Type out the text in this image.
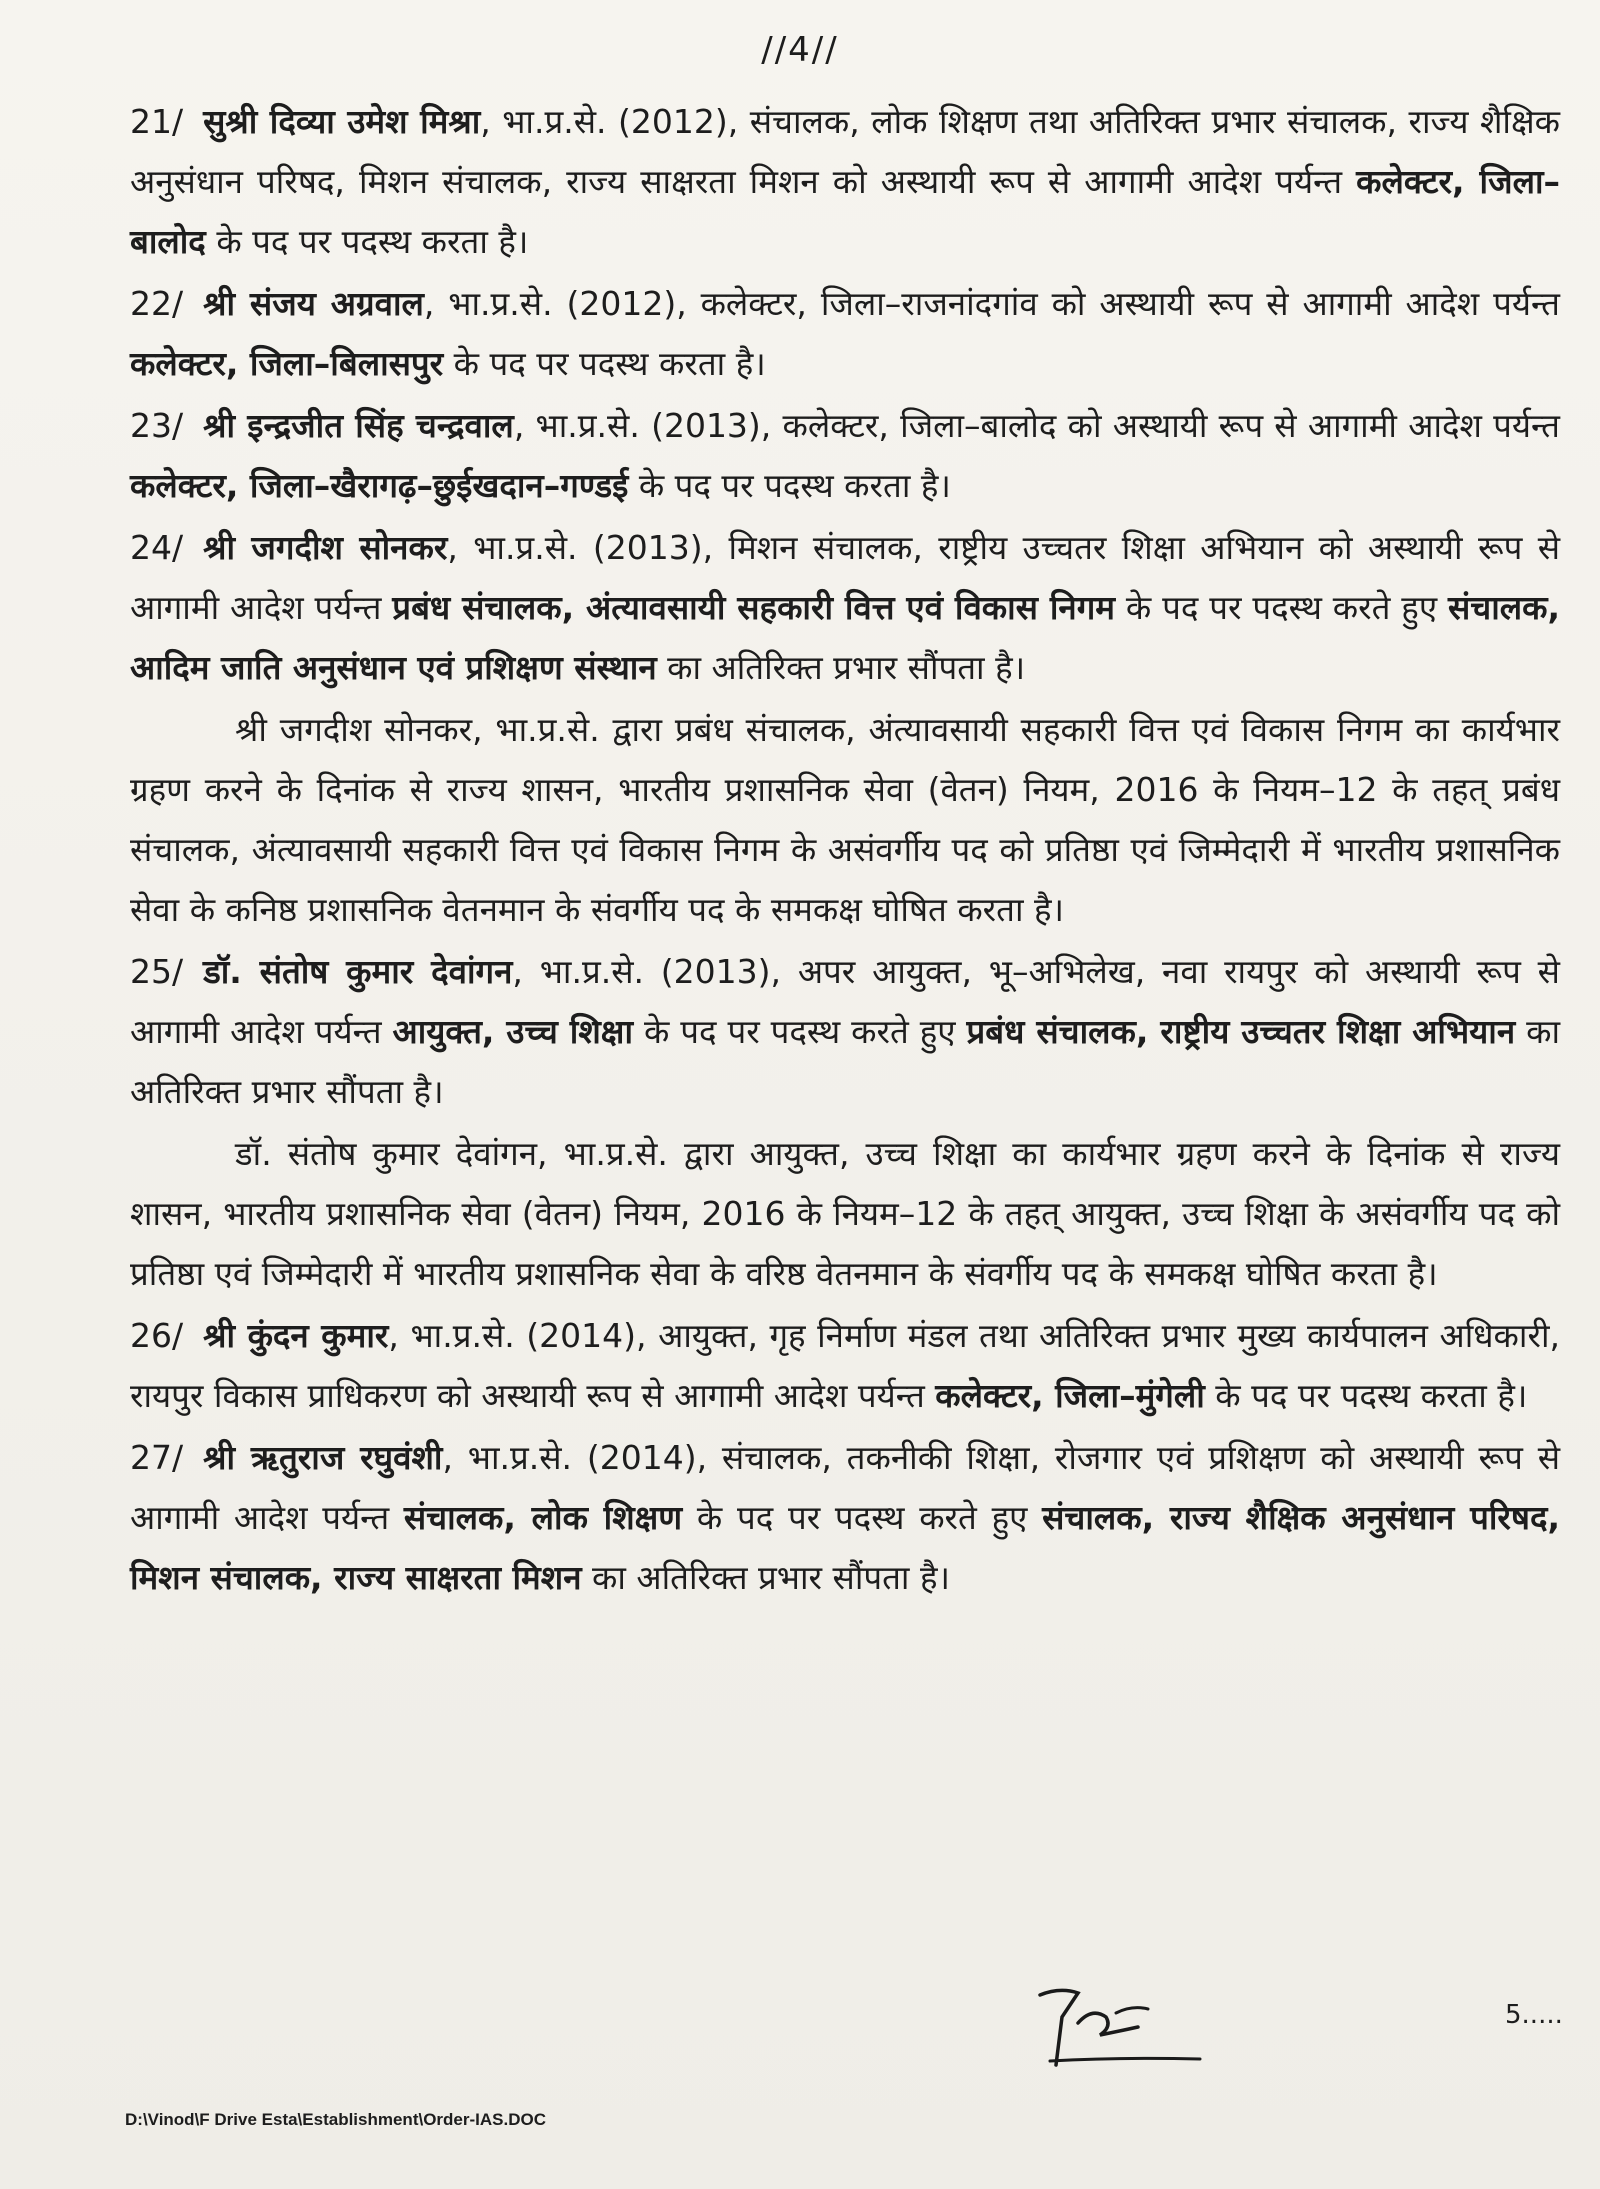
//4//

21/ सुश्री दिव्या उमेश मिश्रा, भा.प्र.से. (2012), संचालक, लोक शिक्षण तथा अतिरिक्त प्रभार संचालक, राज्य शैक्षिक अनुसंधान परिषद, मिशन संचालक, राज्य साक्षरता मिशन को अस्थायी रूप से आगामी आदेश पर्यन्त कलेक्टर, जिला–बालोद के पद पर पदस्थ करता है।

22/ श्री संजय अग्रवाल, भा.प्र.से. (2012), कलेक्टर, जिला–राजनांदगांव को अस्थायी रूप से आगामी आदेश पर्यन्त कलेक्टर, जिला–बिलासपुर के पद पर पदस्थ करता है।

23/ श्री इन्द्रजीत सिंह चन्द्रवाल, भा.प्र.से. (2013), कलेक्टर, जिला–बालोद को अस्थायी रूप से आगामी आदेश पर्यन्त कलेक्टर, जिला–खैरागढ़–छुईखदान–गण्डई के पद पर पदस्थ करता है।

24/ श्री जगदीश सोनकर, भा.प्र.से. (2013), मिशन संचालक, राष्ट्रीय उच्चतर शिक्षा अभियान को अस्थायी रूप से आगामी आदेश पर्यन्त प्रबंध संचालक, अंत्यावसायी सहकारी वित्त एवं विकास निगम के पद पर पदस्थ करते हुए संचालक, आदिम जाति अनुसंधान एवं प्रशिक्षण संस्थान का अतिरिक्त प्रभार सौंपता है।

श्री जगदीश सोनकर, भा.प्र.से. द्वारा प्रबंध संचालक, अंत्यावसायी सहकारी वित्त एवं विकास निगम का कार्यभार ग्रहण करने के दिनांक से राज्य शासन, भारतीय प्रशासनिक सेवा (वेतन) नियम, 2016 के नियम–12 के तहत् प्रबंध संचालक, अंत्यावसायी सहकारी वित्त एवं विकास निगम के असंवर्गीय पद को प्रतिष्ठा एवं जिम्मेदारी में भारतीय प्रशासनिक सेवा के कनिष्ठ प्रशासनिक वेतनमान के संवर्गीय पद के समकक्ष घोषित करता है।

25/ डॉ. संतोष कुमार देवांगन, भा.प्र.से. (2013), अपर आयुक्त, भू–अभिलेख, नवा रायपुर को अस्थायी रूप से आगामी आदेश पर्यन्त आयुक्त, उच्च शिक्षा के पद पर पदस्थ करते हुए प्रबंध संचालक, राष्ट्रीय उच्चतर शिक्षा अभियान का अतिरिक्त प्रभार सौंपता है।

डॉ. संतोष कुमार देवांगन, भा.प्र.से. द्वारा आयुक्त, उच्च शिक्षा का कार्यभार ग्रहण करने के दिनांक से राज्य शासन, भारतीय प्रशासनिक सेवा (वेतन) नियम, 2016 के नियम–12 के तहत् आयुक्त, उच्च शिक्षा के असंवर्गीय पद को प्रतिष्ठा एवं जिम्मेदारी में भारतीय प्रशासनिक सेवा के वरिष्ठ वेतनमान के संवर्गीय पद के समकक्ष घोषित करता है।

26/ श्री कुंदन कुमार, भा.प्र.से. (2014), आयुक्त, गृह निर्माण मंडल तथा अतिरिक्त प्रभार मुख्य कार्यपालन अधिकारी, रायपुर विकास प्राधिकरण को अस्थायी रूप से आगामी आदेश पर्यन्त कलेक्टर, जिला–मुंगेली के पद पर पदस्थ करता है।

27/ श्री ऋतुराज रघुवंशी, भा.प्र.से. (2014), संचालक, तकनीकी शिक्षा, रोजगार एवं प्रशिक्षण को अस्थायी रूप से आगामी आदेश पर्यन्त संचालक, लोक शिक्षण के पद पर पदस्थ करते हुए संचालक, राज्य शैक्षिक अनुसंधान परिषद, मिशन संचालक, राज्य साक्षरता मिशन का अतिरिक्त प्रभार सौंपता है।

5.....
D:\Vinod\F Drive Esta\Establishment\Order-IAS.DOC
